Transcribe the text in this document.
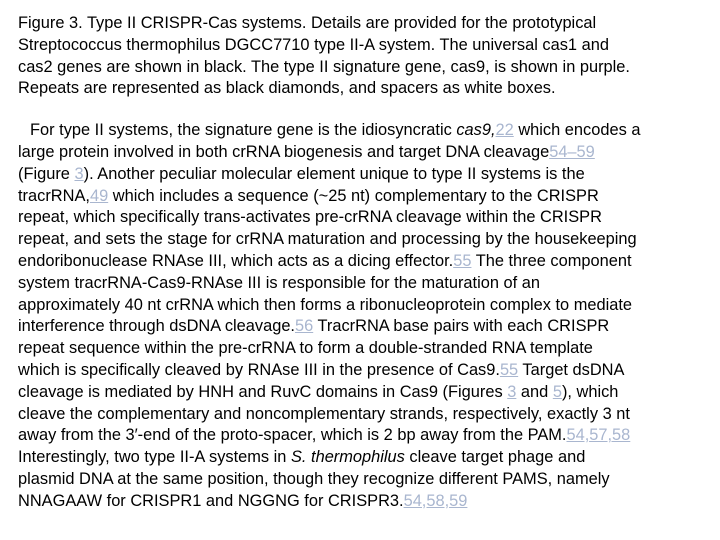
Figure 3. Type II CRISPR-Cas systems. Details are provided for the prototypical
Streptococcus thermophilus DGCC7710 type II-A system. The universal cas1 and
cas2 genes are shown in black. The type II signature gene, cas9, is shown in purple.
Repeats are represented as black diamonds, and spacers as white boxes.
For type II systems, the signature gene is the idiosyncratic cas9,22 which encodes a
large protein involved in both crRNA biogenesis and target DNA cleavage54–59
(Figure 3). Another peculiar molecular element unique to type II systems is the
tracrRNA,49 which includes a sequence (~25 nt) complementary to the CRISPR
repeat, which specifically trans-activates pre-crRNA cleavage within the CRISPR
repeat, and sets the stage for crRNA maturation and processing by the housekeeping
endoribonuclease RNAse III, which acts as a dicing effector.55 The three component
system tracrRNA-Cas9-RNAse III is responsible for the maturation of an
approximately 40 nt crRNA which then forms a ribonucleoprotein complex to mediate
interference through dsDNA cleavage.56 TracrRNA base pairs with each CRISPR
repeat sequence within the pre-crRNA to form a double-stranded RNA template
which is specifically cleaved by RNAse III in the presence of Cas9.55 Target dsDNA
cleavage is mediated by HNH and RuvC domains in Cas9 (Figures 3 and 5), which
cleave the complementary and noncomplementary strands, respectively, exactly 3 nt
away from the 3′-end of the proto-spacer, which is 2 bp away from the PAM.54,57,58
Interestingly, two type II-A systems in S. thermophilus cleave target phage and
plasmid DNA at the same position, though they recognize different PAMS, namely
NNAGAAW for CRISPR1 and NGGNG for CRISPR3.54,58,59
